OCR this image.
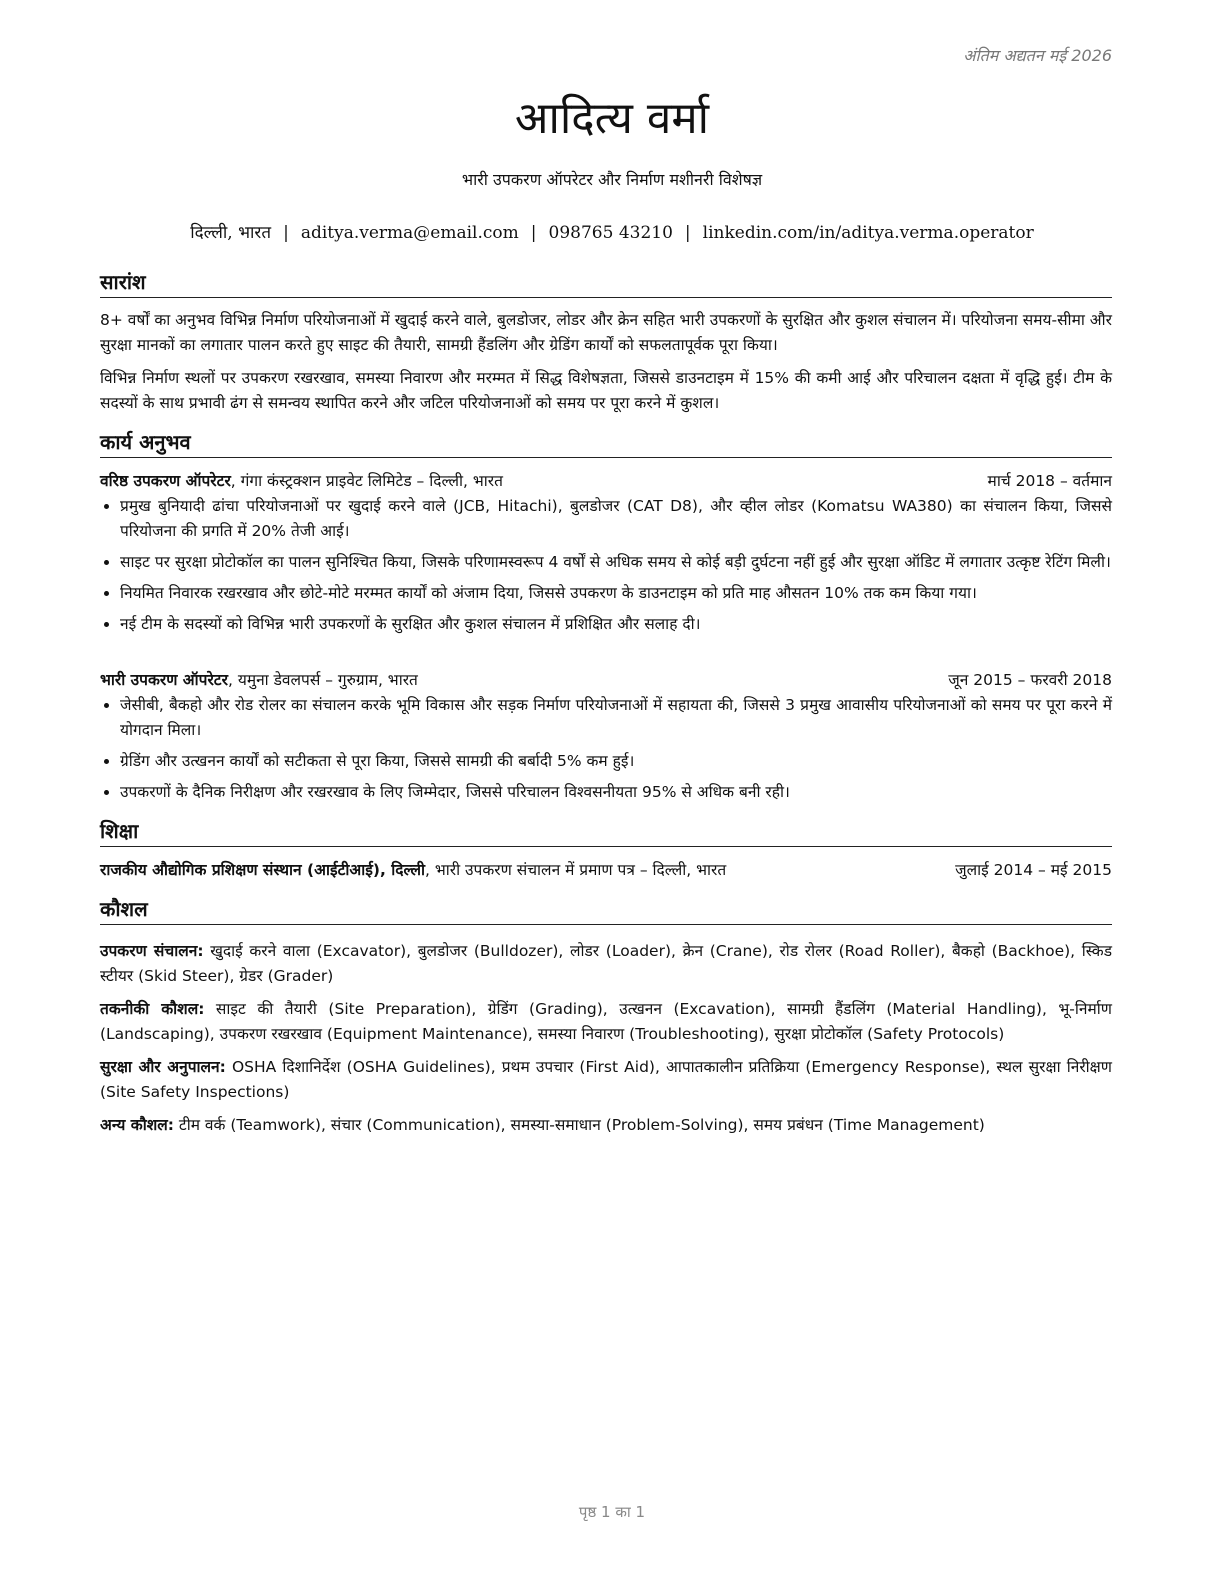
अंतिम अद्यतन मई 2026
आदित्य वर्मा
भारी उपकरण ऑपरेटर और निर्माण मशीनरी विशेषज्ञ
दिल्ली, भारत | aditya.verma@email.com | 098765 43210 | linkedin.com/in/aditya.verma.operator
सारांश

8+ वर्षों का अनुभव विभिन्न निर्माण परियोजनाओं में खुदाई करने वाले, बुलडोजर, लोडर और क्रेन सहित भारी उपकरणों के सुरक्षित और कुशल संचालन में। परियोजना समय-सीमा और सुरक्षा मानकों का लगातार पालन करते हुए साइट की तैयारी, सामग्री हैंडलिंग और ग्रेडिंग कार्यों को सफलतापूर्वक पूरा किया।

विभिन्न निर्माण स्थलों पर उपकरण रखरखाव, समस्या निवारण और मरम्मत में सिद्ध विशेषज्ञता, जिससे डाउनटाइम में 15% की कमी आई और परिचालन दक्षता में वृद्धि हुई। टीम के सदस्यों के साथ प्रभावी ढंग से समन्वय स्थापित करने और जटिल परियोजनाओं को समय पर पूरा करने में कुशल।

कार्य अनुभव
वरिष्ठ उपकरण ऑपरेटर, गंगा कंस्ट्रक्शन प्राइवेट लिमिटेड – दिल्ली, भारत	मार्च 2018 – वर्तमान
• प्रमुख बुनियादी ढांचा परियोजनाओं पर खुदाई करने वाले (JCB, Hitachi), बुलडोजर (CAT D8), और व्हील लोडर (Komatsu WA380) का संचालन किया, जिससे परियोजना की प्रगति में 20% तेजी आई।
• साइट पर सुरक्षा प्रोटोकॉल का पालन सुनिश्चित किया, जिसके परिणामस्वरूप 4 वर्षों से अधिक समय से कोई बड़ी दुर्घटना नहीं हुई और सुरक्षा ऑडिट में लगातार उत्कृष्ट रेटिंग मिली।
• नियमित निवारक रखरखाव और छोटे-मोटे मरम्मत कार्यों को अंजाम दिया, जिससे उपकरण के डाउनटाइम को प्रति माह औसतन 10% तक कम किया गया।
• नई टीम के सदस्यों को विभिन्न भारी उपकरणों के सुरक्षित और कुशल संचालन में प्रशिक्षित और सलाह दी।
भारी उपकरण ऑपरेटर, यमुना डेवलपर्स – गुरुग्राम, भारत	जून 2015 – फरवरी 2018
• जेसीबी, बैकहो और रोड रोलर का संचालन करके भूमि विकास और सड़क निर्माण परियोजनाओं में सहायता की, जिससे 3 प्रमुख आवासीय परियोजनाओं को समय पर पूरा करने में योगदान मिला।
• ग्रेडिंग और उत्खनन कार्यों को सटीकता से पूरा किया, जिससे सामग्री की बर्बादी 5% कम हुई।
• उपकरणों के दैनिक निरीक्षण और रखरखाव के लिए जिम्मेदार, जिससे परिचालन विश्वसनीयता 95% से अधिक बनी रही।
शिक्षा
राजकीय औद्योगिक प्रशिक्षण संस्थान (आईटीआई), दिल्ली, भारी उपकरण संचालन में प्रमाण पत्र – दिल्ली, भारत	जुलाई 2014 – मई 2015
कौशल

उपकरण संचालन: खुदाई करने वाला (Excavator), बुलडोजर (Bulldozer), लोडर (Loader), क्रेन (Crane), रोड रोलर (Road Roller), बैकहो (Backhoe), स्किड स्टीयर (Skid Steer), ग्रेडर (Grader)

तकनीकी कौशल: साइट की तैयारी (Site Preparation), ग्रेडिंग (Grading), उत्खनन (Excavation), सामग्री हैंडलिंग (Material Handling), भू-निर्माण (Landscaping), उपकरण रखरखाव (Equipment Maintenance), समस्या निवारण (Troubleshooting), सुरक्षा प्रोटोकॉल (Safety Protocols)

सुरक्षा और अनुपालन: OSHA दिशानिर्देश (OSHA Guidelines), प्रथम उपचार (First Aid), आपातकालीन प्रतिक्रिया (Emergency Response), स्थल सुरक्षा निरीक्षण (Site Safety Inspections)

अन्य कौशल: टीम वर्क (Teamwork), संचार (Communication), समस्या-समाधान (Problem-Solving), समय प्रबंधन (Time Management)

पृष्ठ 1 का 1
